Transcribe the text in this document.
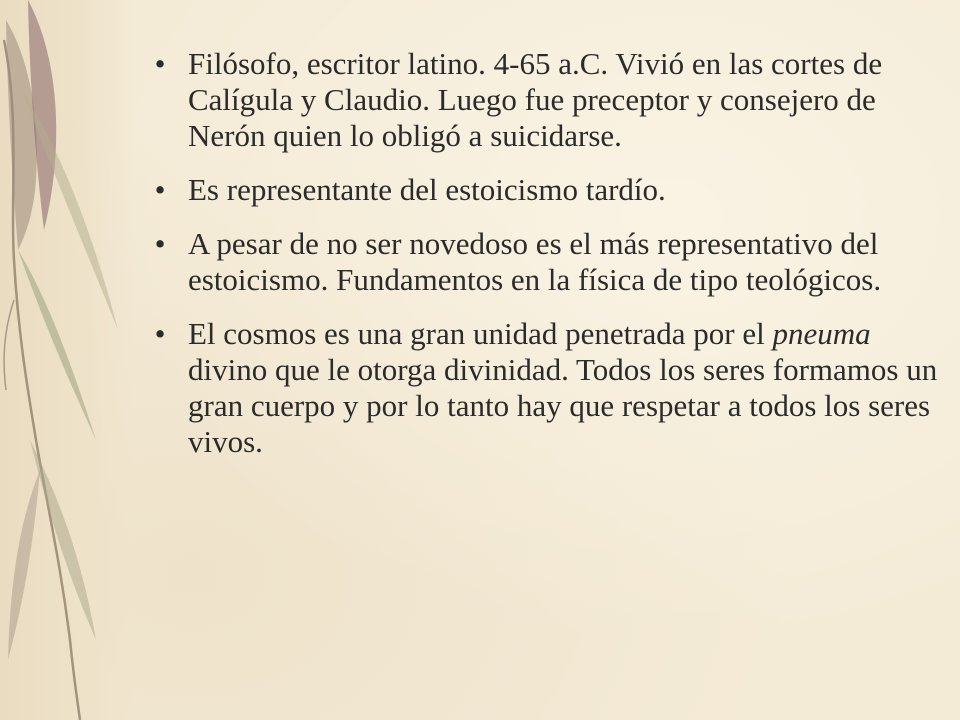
• Filósofo, escritor latino. 4-65 a.C. Vivió en las cortes de Calígula y Claudio. Luego fue preceptor y consejero de Nerón quien lo obligó a suicidarse.
• Es representante del estoicismo tardío.
• A pesar de no ser novedoso es el más representativo del estoicismo. Fundamentos en la física de tipo teológicos.
• El cosmos es una gran unidad penetrada por el pneuma divino que le otorga divinidad. Todos los seres formamos un gran cuerpo y por lo tanto hay que respetar a todos los seres vivos.
